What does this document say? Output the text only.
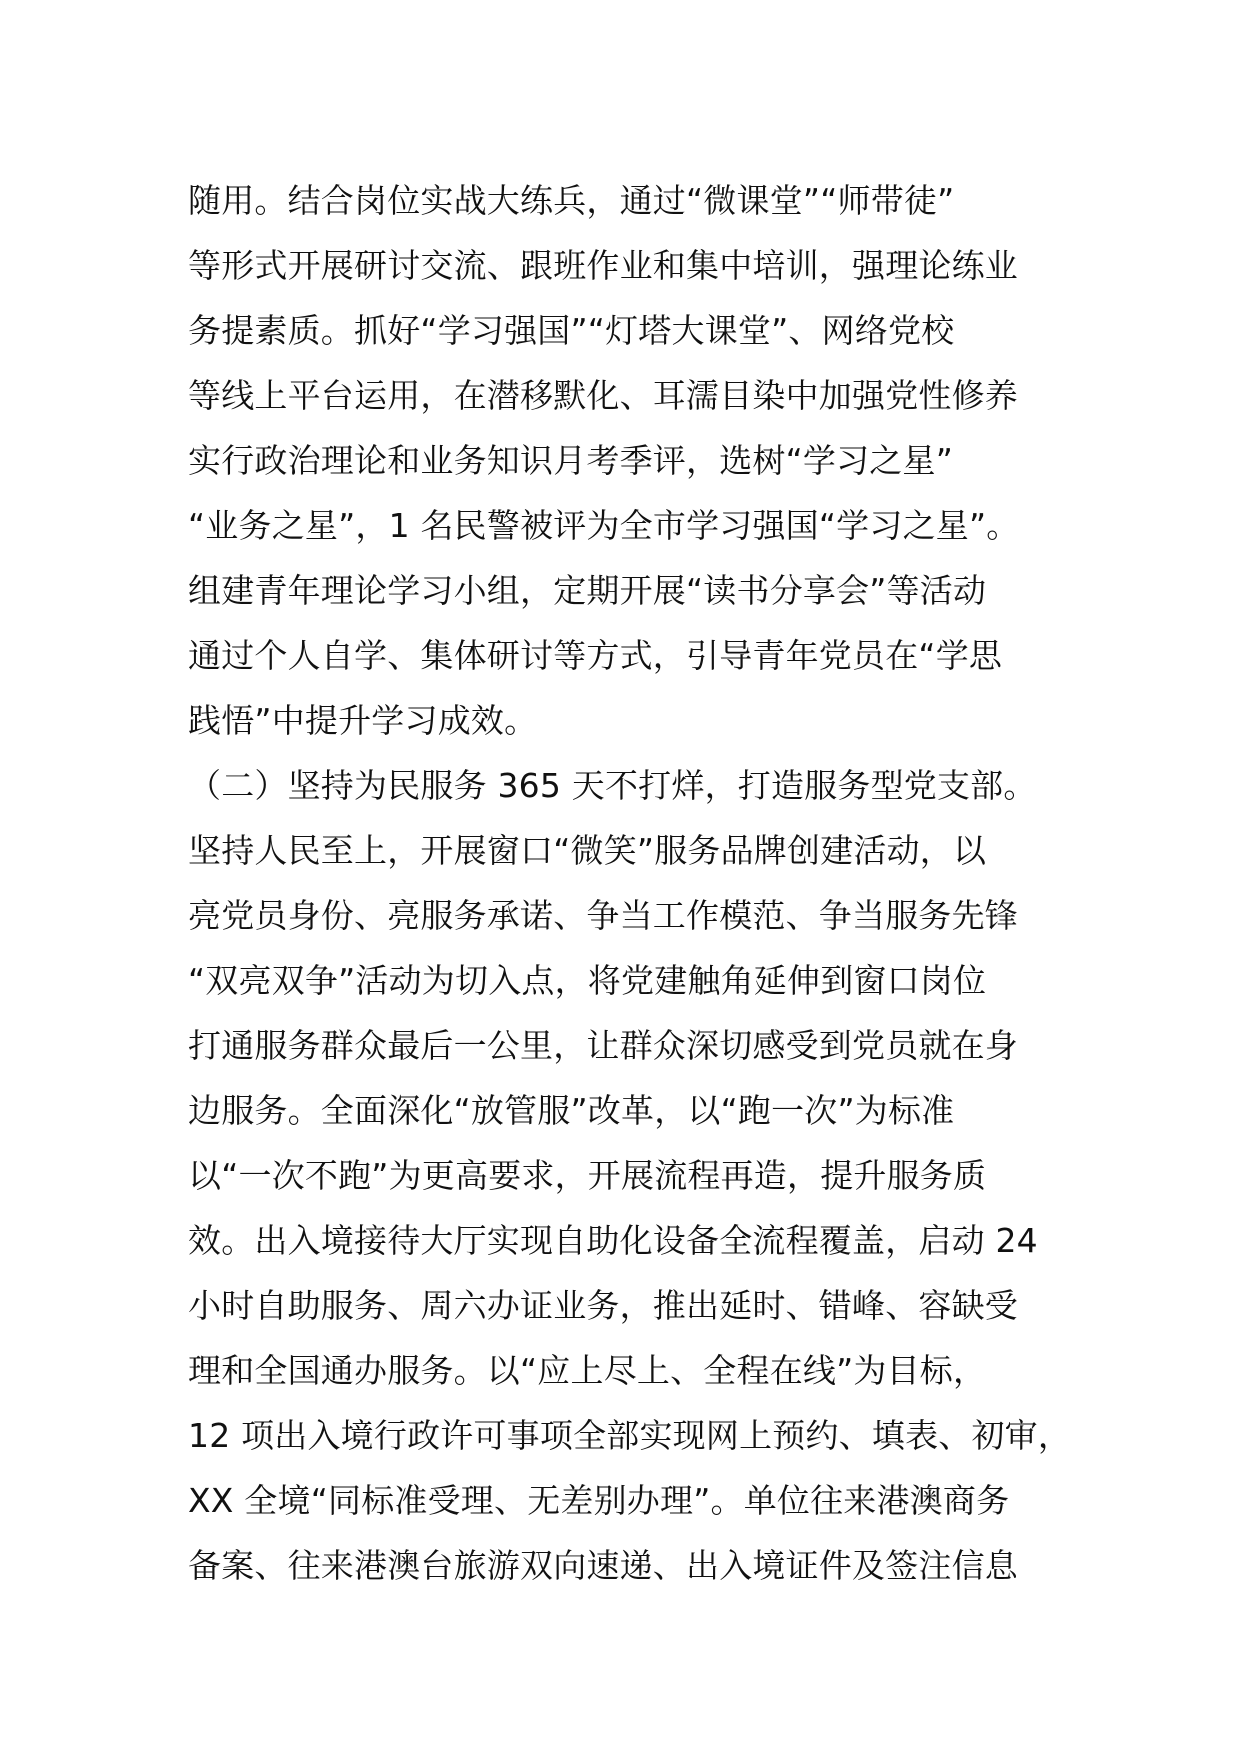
随用。结合岗位实战大练兵，通过“微课堂”“师带徒”
等形式开展研讨交流、跟班作业和集中培训，强理论练业
务提素质。抓好“学习强国”“灯塔大课堂”、网络党校
等线上平台运用，在潜移默化、耳濡目染中加强党性修养
实行政治理论和业务知识月考季评，选树“学习之星”
“业务之星”，1 名民警被评为全市学习强国“学习之星”。
组建青年理论学习小组，定期开展“读书分享会”等活动
通过个人自学、集体研讨等方式，引导青年党员在“学思
践悟”中提升学习成效。
（二）坚持为民服务 365 天不打烊，打造服务型党支部。
坚持人民至上，开展窗口“微笑”服务品牌创建活动，以
亮党员身份、亮服务承诺、争当工作模范、争当服务先锋
“双亮双争”活动为切入点，将党建触角延伸到窗口岗位
打通服务群众最后一公里，让群众深切感受到党员就在身
边服务。全面深化“放管服”改革，以“跑一次”为标准
以“一次不跑”为更高要求，开展流程再造，提升服务质
效。出入境接待大厅实现自助化设备全流程覆盖，启动 24
小时自助服务、周六办证业务，推出延时、错峰、容缺受
理和全国通办服务。以“应上尽上、全程在线”为目标，
12 项出入境行政许可事项全部实现网上预约、填表、初审，
XX 全境“同标准受理、无差别办理”。单位往来港澳商务
备案、往来港澳台旅游双向速递、出入境证件及签注信息
